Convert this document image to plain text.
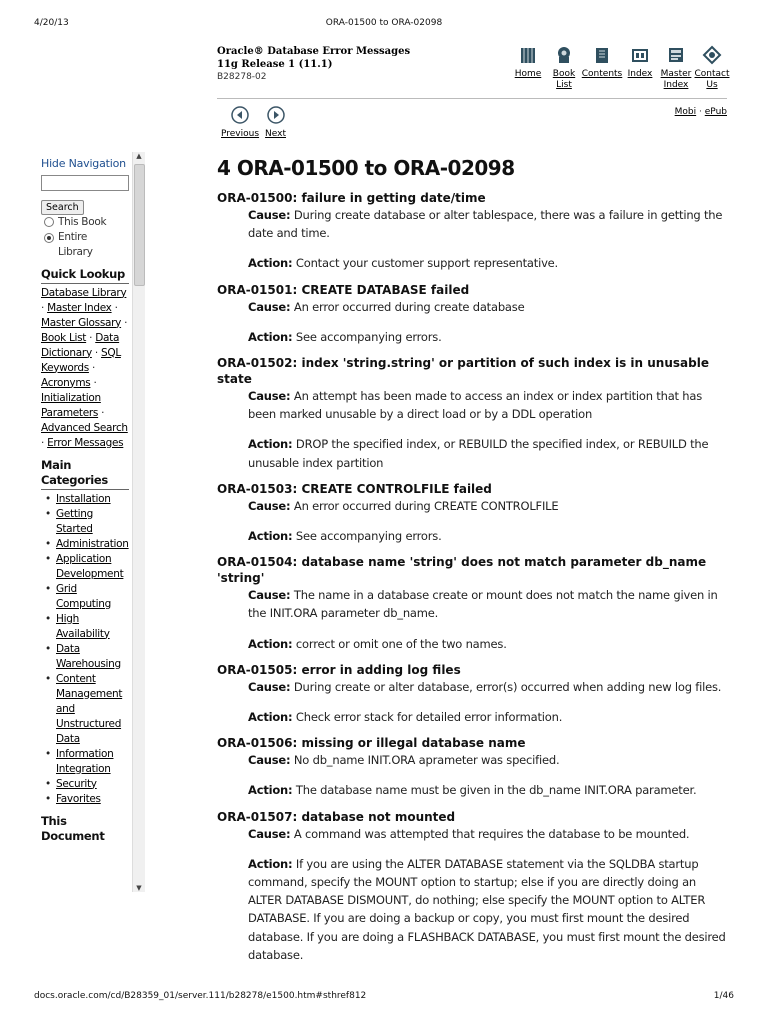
4/20/13	ORA-01500 to ORA-02098
Oracle® Database Error Messages
11g Release 1 (11.1)
B28278-02	Home	Book List
Contents Index Master Index
Contact Us
Previous Next
Mobi · ePub
Hide Navigation
Search
This Book
Entire Library
Quick Lookup
Database Library · Master Index · Master Glossary · Book List · Data Dictionary · SQL Keywords · Acronyms · Initialization Parameters · Advanced Search · Error Messages
Main Categories
• Installation
• Getting Started
• Administration
• Application Development
• Grid Computing
• High Availability
• Data Warehousing
• Content Management and Unstructured Data
• Information Integration
• Security
• Favorites
This Document
▲
▼
4 ORA-01500 to ORA-02098
ORA-01500: failure in getting date/time

Cause: During create database or alter tablespace, there was a failure in getting the date and time.

Action: Contact your customer support representative.

ORA-01501: CREATE DATABASE failed

Cause: An error occurred during create database

Action: See accompanying errors.

ORA-01502: index 'string.string' or partition of such index is in unusable state

Cause: An attempt has been made to access an index or index partition that has been marked unusable by a direct load or by a DDL operation

Action: DROP the specified index, or REBUILD the specified index, or REBUILD the unusable index partition

ORA-01503: CREATE CONTROLFILE failed

Cause: An error occurred during CREATE CONTROLFILE

Action: See accompanying errors.

ORA-01504: database name 'string' does not match parameter db_name 'string'

Cause: The name in a database create or mount does not match the name given in the INIT.ORA parameter db_name.

Action: correct or omit one of the two names.

ORA-01505: error in adding log files

Cause: During create or alter database, error(s) occurred when adding new log files.

Action: Check error stack for detailed error information.

ORA-01506: missing or illegal database name

Cause: No db_name INIT.ORA aprameter was specified.

Action: The database name must be given in the db_name INIT.ORA parameter.

ORA-01507: database not mounted

Cause: A command was attempted that requires the database to be mounted.

Action: If you are using the ALTER DATABASE statement via the SQLDBA startup command, specify the MOUNT option to startup; else if you are directly doing an ALTER DATABASE DISMOUNT, do nothing; else specify the MOUNT option to ALTER DATABASE. If you are doing a backup or copy, you must first mount the desired database. If you are doing a FLASHBACK DATABASE, you must first mount the desired database.

docs.oracle.com/cd/B28359_01/server.111/b28278/e1500.htm#sthref812	1/46
